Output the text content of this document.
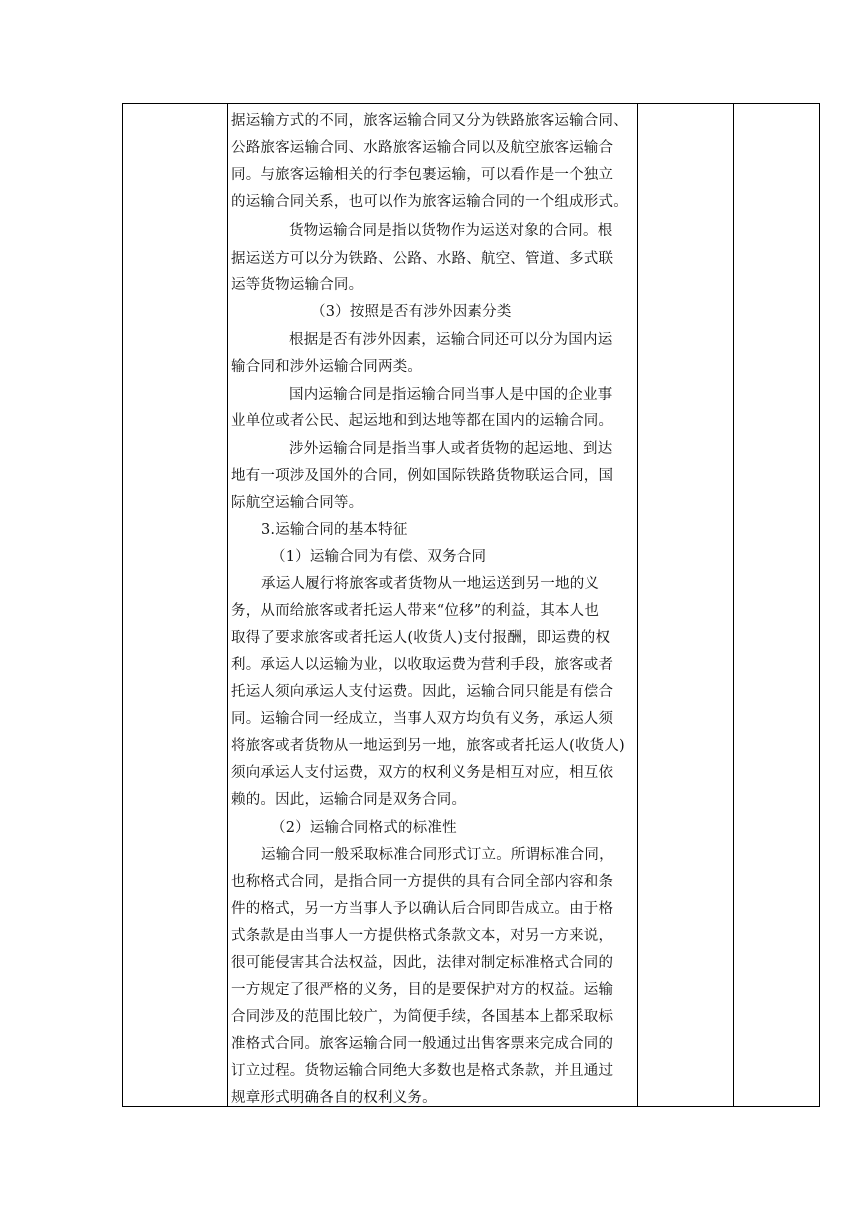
据运输方式的不同，旅客运输合同又分为铁路旅客运输合同、
公路旅客运输合同、水路旅客运输合同以及航空旅客运输合
同。与旅客运输相关的行李包裹运输，可以看作是一个独立
的运输合同关系，也可以作为旅客运输合同的一个组成形式。
货物运输合同是指以货物作为运送对象的合同。根
据运送方可以分为铁路、公路、水路、航空、管道、多式联
运等货物运输合同。
（3）按照是否有涉外因素分类
根据是否有涉外因素，运输合同还可以分为国内运
输合同和涉外运输合同两类。
国内运输合同是指运输合同当事人是中国的企业事
业单位或者公民、起运地和到达地等都在国内的运输合同。
涉外运输合同是指当事人或者货物的起运地、到达
地有一项涉及国外的合同，例如国际铁路货物联运合同，国
际航空运输合同等。
3.运输合同的基本特征
（1）运输合同为有偿、双务合同
承运人履行将旅客或者货物从一地运送到另一地的义
务，从而给旅客或者托运人带来“位移”的利益，其本人也
取得了要求旅客或者托运人(收货人)支付报酬，即运费的权
利。承运人以运输为业，以收取运费为营利手段，旅客或者
托运人须向承运人支付运费。因此，运输合同只能是有偿合
同。运输合同一经成立，当事人双方均负有义务，承运人须
将旅客或者货物从一地运到另一地，旅客或者托运人(收货人)
须向承运人支付运费，双方的权利义务是相互对应，相互依
赖的。因此，运输合同是双务合同。
（2）运输合同格式的标准性
运输合同一般采取标准合同形式订立。所谓标准合同，
也称格式合同，是指合同一方提供的具有合同全部内容和条
件的格式，另一方当事人予以确认后合同即告成立。由于格
式条款是由当事人一方提供格式条款文本，对另一方来说，
很可能侵害其合法权益，因此，法律对制定标准格式合同的
一方规定了很严格的义务，目的是要保护对方的权益。运输
合同涉及的范围比较广，为简便手续，各国基本上都采取标
准格式合同。旅客运输合同一般通过出售客票来完成合同的
订立过程。货物运输合同绝大多数也是格式条款，并且通过
规章形式明确各自的权利义务。
